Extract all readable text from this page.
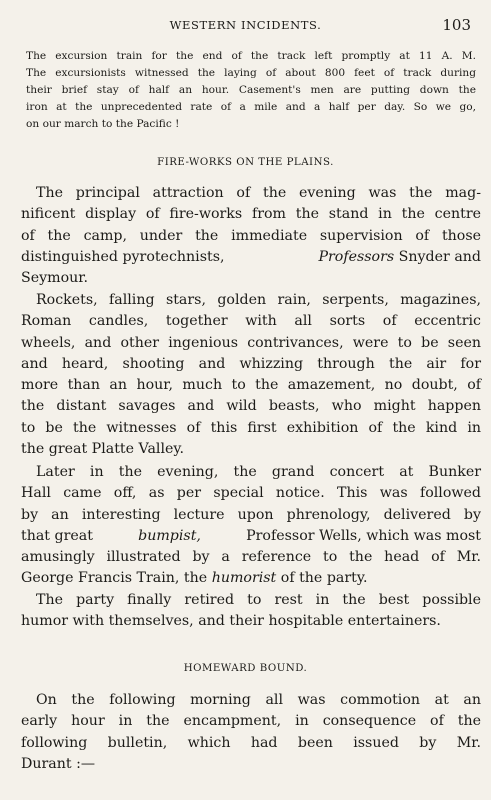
WESTERN INCIDENTS.	103
The excursion train for the end of the track left promptly at 11 A. M.
The excursionists witnessed the laying of about 800 feet of track during
their brief stay of half an hour. Casement's men are putting down the
iron at the unprecedented rate of a mile and a half per day. So we go,
on our march to the Pacific !
FIRE-WORKS ON THE PLAINS.
The principal attraction of the evening was the mag-
nificent display of fire-works from the stand in the centre
of the camp, under the immediate supervision of those
distinguished pyrotechnists,	Professors Snyder and
Seymour.
Rockets, falling stars, golden rain, serpents, magazines,
Roman candles, together with all sorts of eccentric
wheels, and other ingenious contrivances, were to be seen
and heard, shooting and whizzing through the air for
more than an hour, much to the amazement, no doubt, of
the distant savages and wild beasts, who might happen
to be the witnesses of this first exhibition of the kind in
the great Platte Valley.
Later in the evening, the grand concert at Bunker
Hall came off, as per special notice. This was followed
by an interesting lecture upon phrenology, delivered by
that great	bumpist,	Professor Wells, which was most
amusingly illustrated by a reference to the head of Mr.
George Francis Train, the humorist of the party.
The party finally retired to rest in the best possible
humor with themselves, and their hospitable entertainers.
HOMEWARD BOUND.
On the following morning all was commotion at an
early hour in the encampment, in consequence of the
following bulletin, which had been issued by Mr.
Durant :—
